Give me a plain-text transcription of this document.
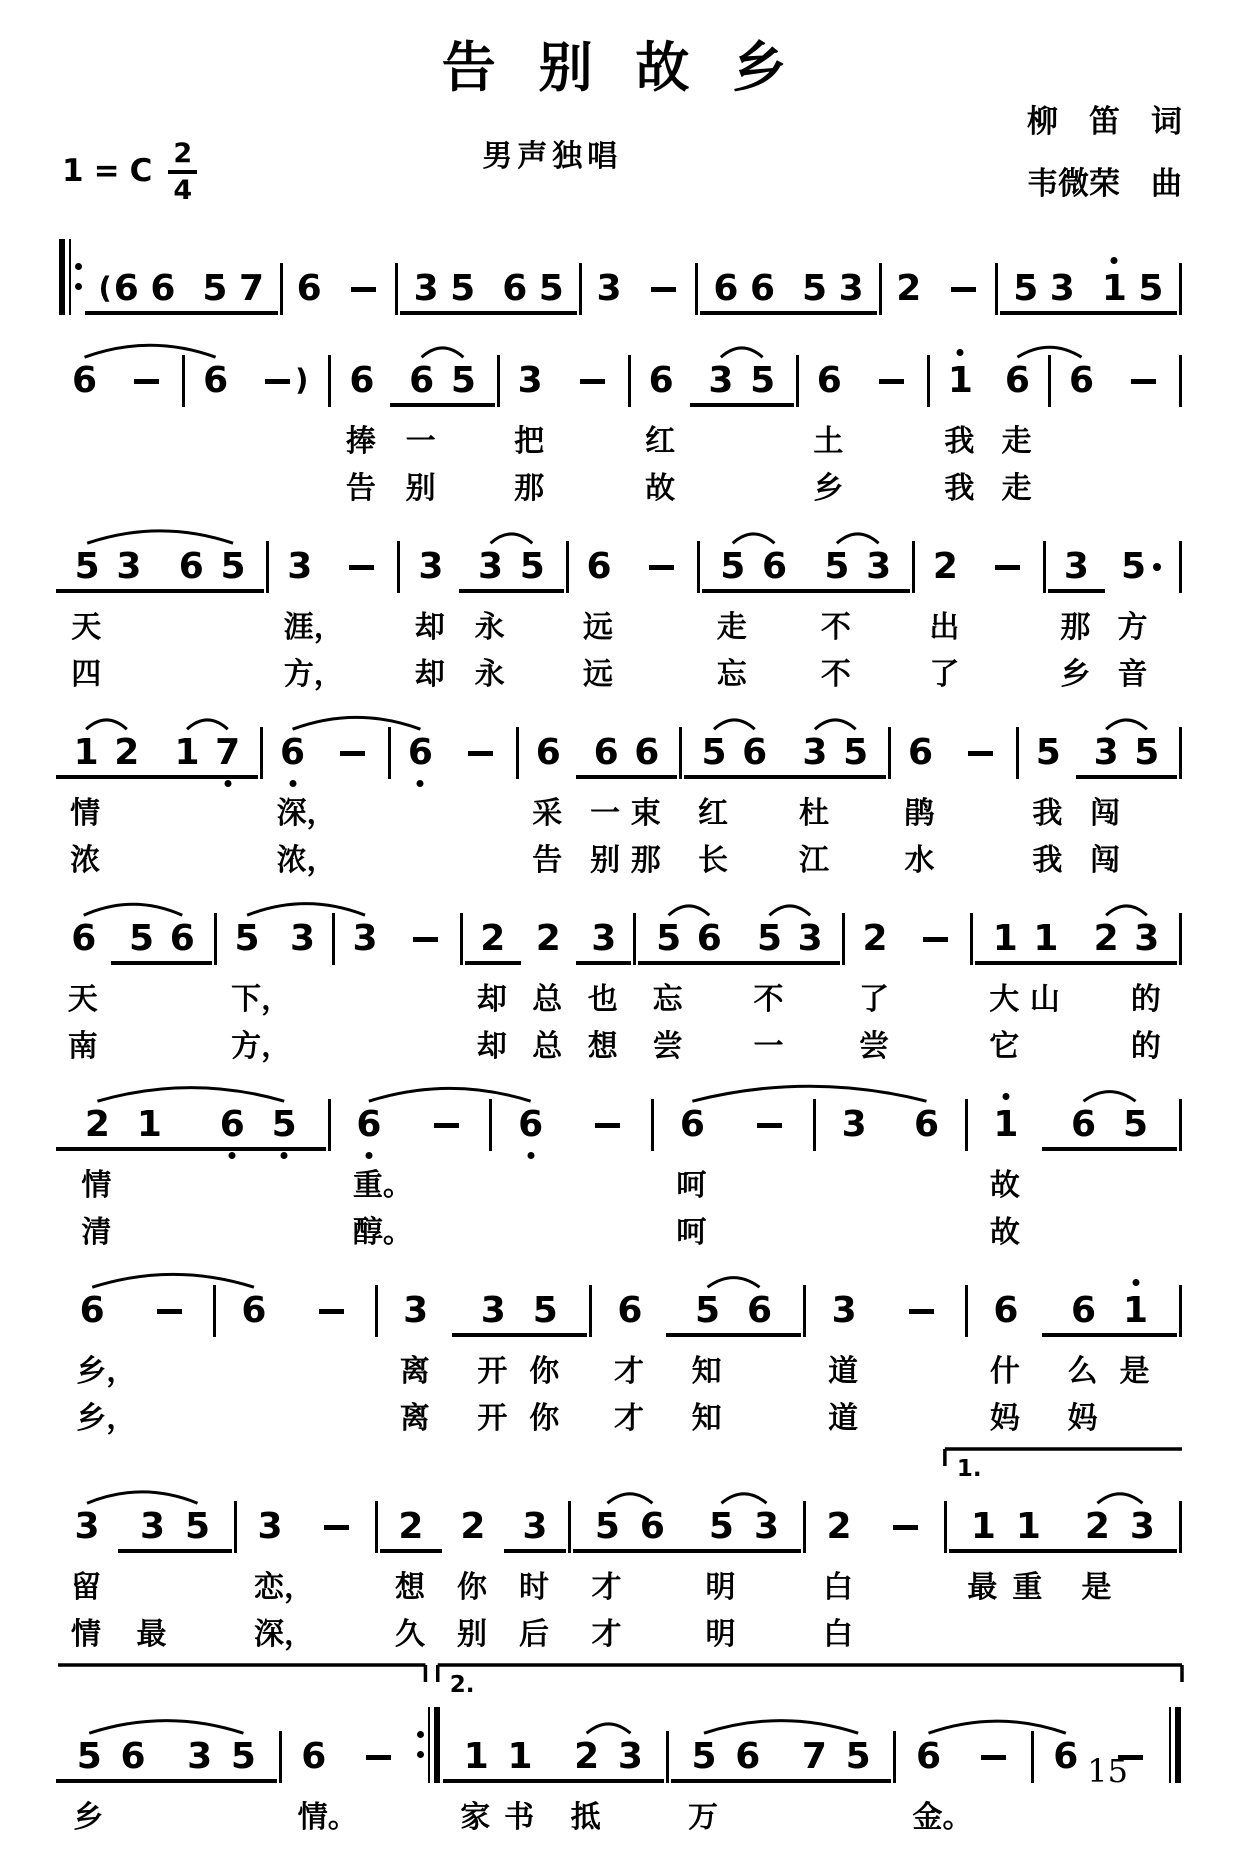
告 别 故 乡
1 = C 2
4
男声独唱
柳　笛　词
韦微荣　曲
( 6 6 5 7 6	3 5 6 5 3	6 6 5 3 2	5 3 1 5
6	6 ) 6 6 5 3	6 3 5 6	1 6 6
捧 一	把	红	土	我 走
告 别	那	故	乡	我 走
5 3 6 5 3	3 3 5 6	5 6 5 3 2	3 5
天	涯， 却 永	远	走 不	出	那 方
四	方， 却 永	远	忘 不	了	乡 音
1 2 1 7 6	6	6 6 6 5 6 3 5 6	5 3 5
情	深，	采 一 束 红 杜	鹃	我 闯
浓	浓，	告 别 那 长 江	水	我 闯
6 5 6 5 3 3	2 2 3 5 6 5 3 2	1 1 2 3
天	下，	却 总 也 忘 不	了	大 山 的
南	方，	却 总 想 尝 一	尝	它	的
2 1 6 5 6	6	6	3 6 1 6 5
情	重。	呵	故
清	醇。	呵	故
6	6	3 3 5 6 5 6 3	6 6 1
乡，	离 开 你 才 知	道	什 么 是
乡，	离 开 你 才 知	道	妈 妈
3 3 5 3	2 2 3 5 6 5 3 2	1 1 2 3
留	恋，	想 你 时 才	明	白	最 重 是
情 最	深，	久 别 后 才	明	白
1.
5 6 3 5 6	1 1 2 3 5 6 7 5 6	6
乡	情。	家 书 抵	万	金。
2.
15
